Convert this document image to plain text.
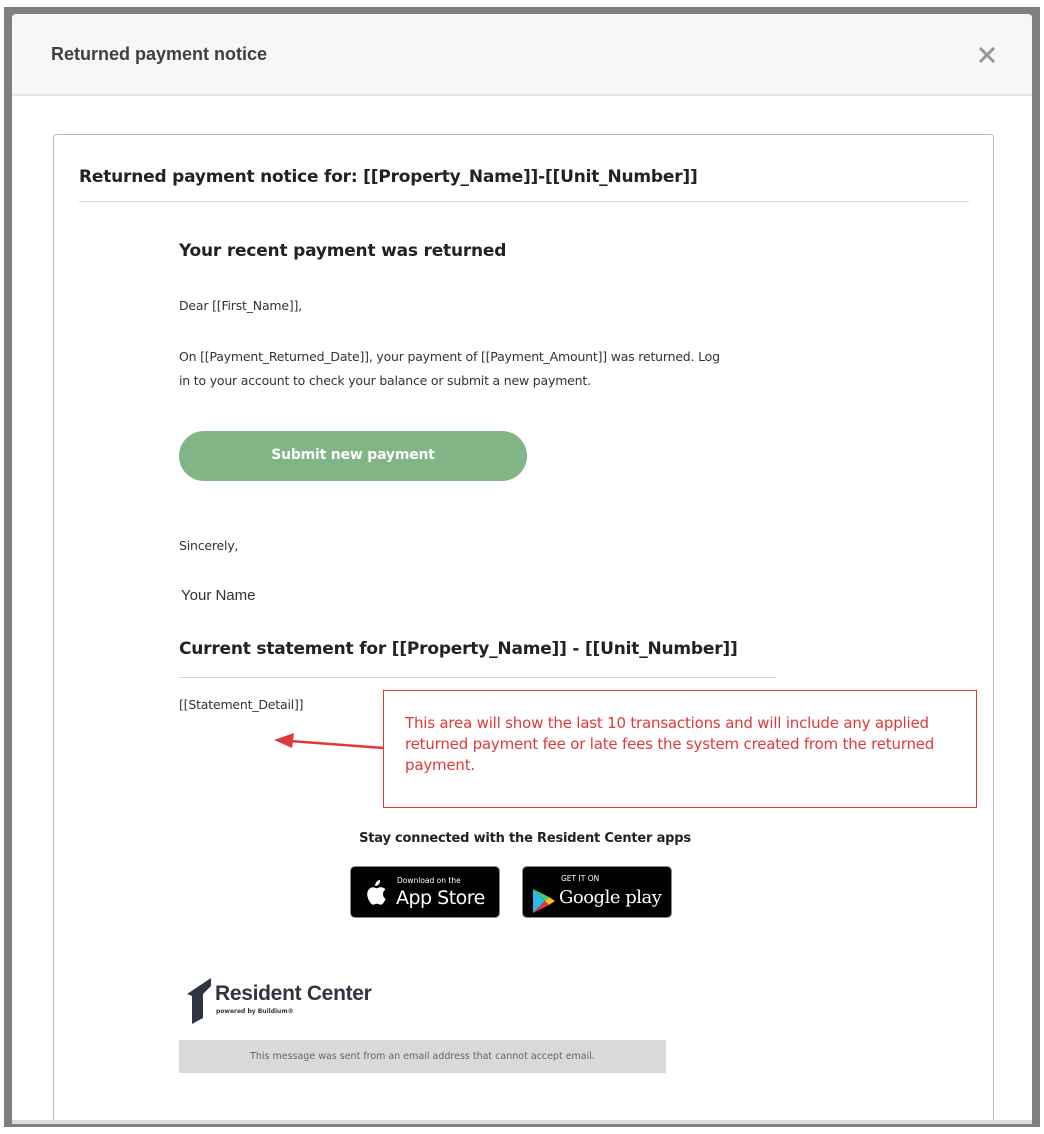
Returned payment notice
Returned payment notice for: [[Property_Name]]-[[Unit_Number]]
Your recent payment was returned
Dear [[First_Name]],
On [[Payment_Returned_Date]], your payment of [[Payment_Amount]] was returned. Log
in to your account to check your balance or submit a new payment.
Submit new payment
Sincerely,
Your Name
Current statement for [[Property_Name]] - [[Unit_Number]]
[[Statement_Detail]]
Stay connected with the Resident Center apps
Download on the
App Store
GET IT ON
Google play
Resident Center
powered by Buildium®
This message was sent from an email address that cannot accept email.
This area will show the last 10 transactions and will include any applied returned payment fee or late fees the system created from the returned payment.
